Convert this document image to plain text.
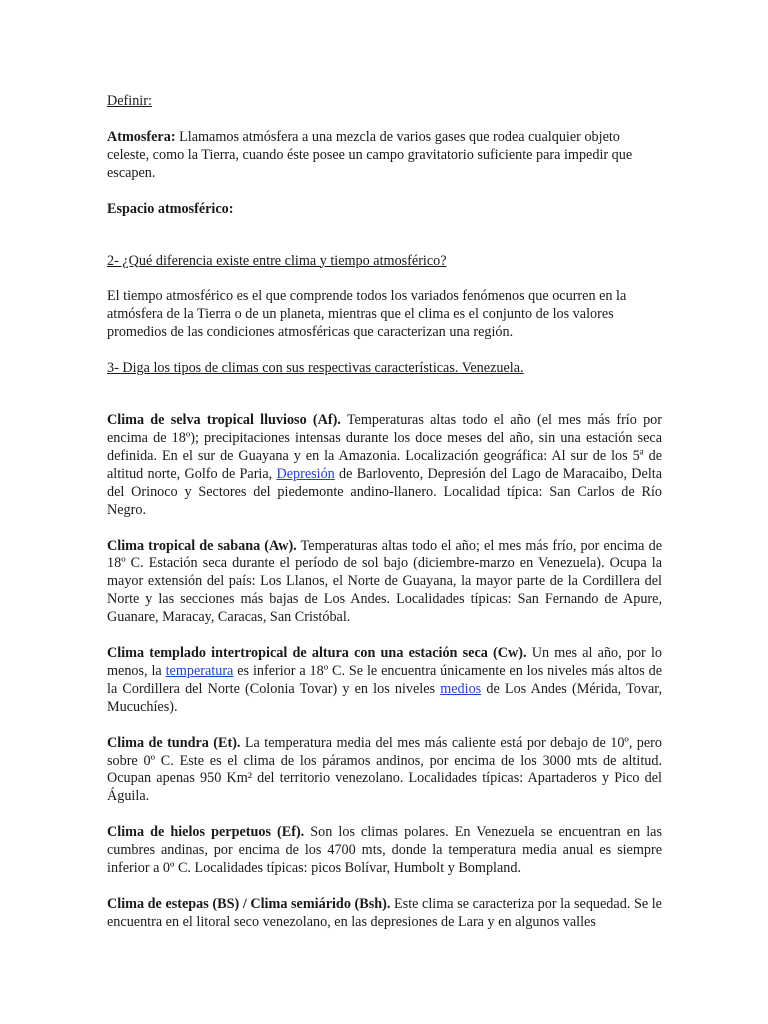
Definir:

Atmosfera: Llamamos atmósfera a una mezcla de varios gases que rodea cualquier objeto celeste, como la Tierra, cuando éste posee un campo gravitatorio suficiente para impedir que escapen.

Espacio atmosférico:

2- ¿Qué diferencia existe entre clima y tiempo atmosférico?

El tiempo atmosférico es el que comprende todos los variados fenómenos que ocurren en la atmósfera de la Tierra o de un planeta, mientras que el clima es el conjunto de los valores promedios de las condiciones atmosféricas que caracterizan una región.

3- Diga los tipos de climas con sus respectivas características. Venezuela.

Clima de selva tropical lluvioso (Af). Temperaturas altas todo el año (el mes más frío por encima de 18º); precipitaciones intensas durante los doce meses del año, sin una estación seca definida. En el sur de Guayana y en la Amazonia. Localización geográfica: Al sur de los 5$^a$ de altitud norte, Golfo de Paria, Depresión de Barlovento, Depresión del Lago de Maracaibo, Delta del Orinoco y Sectores del piedemonte andino-llanero. Localidad típica: San Carlos de Río Negro.

Clima tropical de sabana (Aw). Temperaturas altas todo el año; el mes más frío, por encima de 18º C. Estación seca durante el período de sol bajo (diciembre-marzo en Venezuela). Ocupa la mayor extensión del país: Los Llanos, el Norte de Guayana, la mayor parte de la Cordillera del Norte y las secciones más bajas de Los Andes. Localidades típicas: San Fernando de Apure, Guanare, Maracay, Caracas, San Cristóbal.

Clima templado intertropical de altura con una estación seca (Cw). Un mes al año, por lo menos, la temperatura es inferior a 18º C. Se le encuentra únicamente en los niveles más altos de la Cordillera del Norte (Colonia Tovar) y en los niveles medios de Los Andes (Mérida, Tovar, Mucuchíes).

Clima de tundra (Et). La temperatura media del mes más caliente está por debajo de 10º, pero sobre 0º C. Este es el clima de los páramos andinos, por encima de los 3000 mts de altitud. Ocupan apenas 950 Km² del territorio venezolano. Localidades típicas: Apartaderos y Pico del Águila.

Clima de hielos perpetuos (Ef). Son los climas polares. En Venezuela se encuentran en las cumbres andinas, por encima de los 4700 mts, donde la temperatura media anual es siempre inferior a 0º C. Localidades típicas: picos Bolívar, Humbolt y Bompland.

Clima de estepas (BS) / Clima semiárido (Bsh). Este clima se caracteriza por la sequedad. Se le encuentra en el litoral seco venezolano, en las depresiones de Lara y en algunos valles
